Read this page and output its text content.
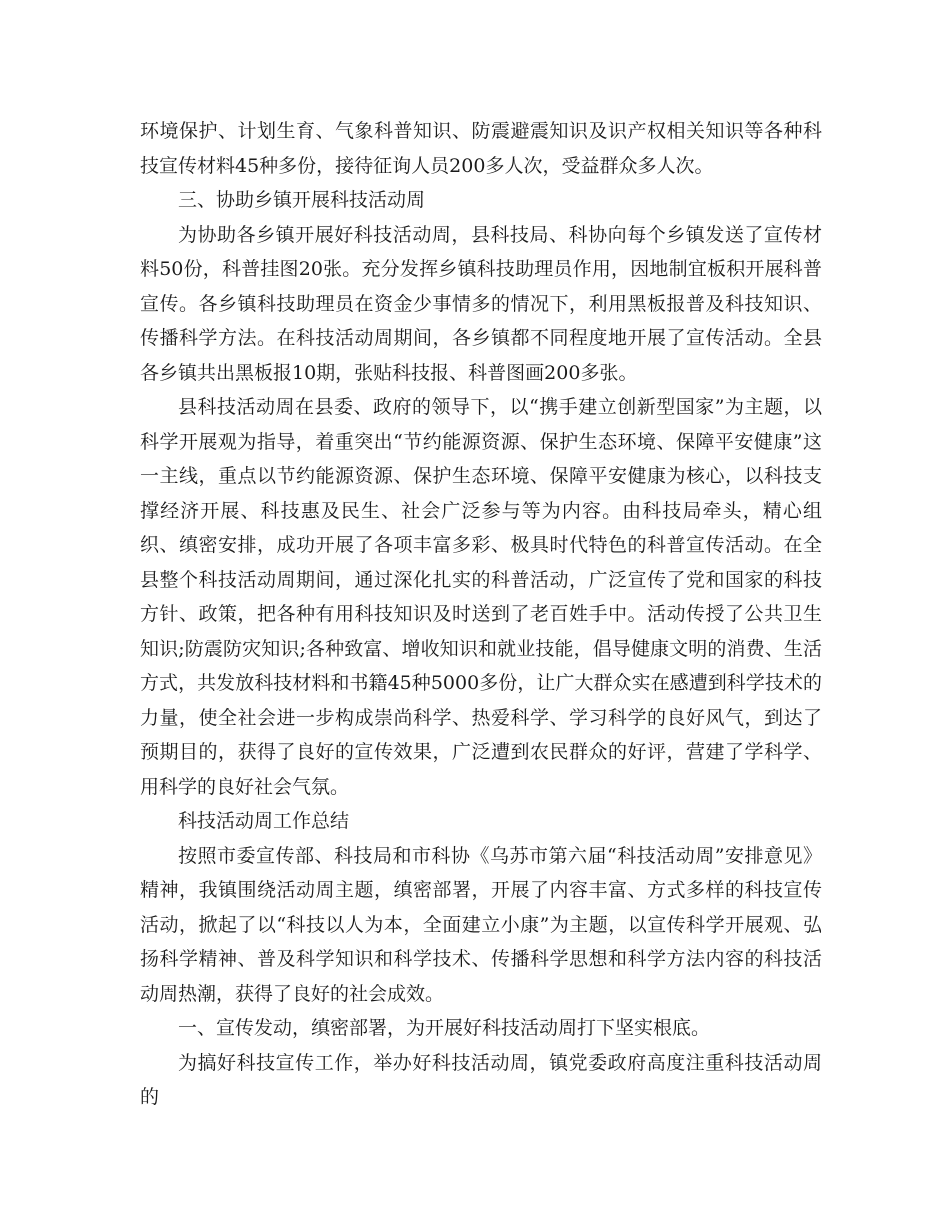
环境保护、计划生育、气象科普知识、防震避震知识及识产权相关知识等各种科技宣传材料45种多份，接待征询人员200多人次，受益群众多人次。

三、协助乡镇开展科技活动周

为协助各乡镇开展好科技活动周，县科技局、科协向每个乡镇发送了宣传材料50份，科普挂图20张。充分发挥乡镇科技助理员作用，因地制宜板积开展科普宣传。各乡镇科技助理员在资金少事情多的情况下，利用黑板报普及科技知识、传播科学方法。在科技活动周期间，各乡镇都不同程度地开展了宣传活动。全县各乡镇共出黑板报10期，张贴科技报、科普图画200多张。

县科技活动周在县委、政府的领导下，以“携手建立创新型国家”为主题，以科学开展观为指导，着重突出“节约能源资源、保护生态环境、保障平安健康”这一主线，重点以节约能源资源、保护生态环境、保障平安健康为核心，以科技支撑经济开展、科技惠及民生、社会广泛参与等为内容。由科技局牵头，精心组织、缜密安排，成功开展了各项丰富多彩、极具时代特色的科普宣传活动。在全县整个科技活动周期间，通过深化扎实的科普活动，广泛宣传了党和国家的科技方针、政策，把各种有用科技知识及时送到了老百姓手中。活动传授了公共卫生知识;防震防灾知识;各种致富、增收知识和就业技能，倡导健康文明的消费、生活方式，共发放科技材料和书籍45种5000多份，让广大群众实在感遭到科学技术的力量，使全社会进一步构成崇尚科学、热爱科学、学习科学的良好风气，到达了预期目的，获得了良好的宣传效果，广泛遭到农民群众的好评，营建了学科学、用科学的良好社会气氛。

科技活动周工作总结

按照市委宣传部、科技局和市科协《乌苏市第六届“科技活动周”安排意见》精神，我镇围绕活动周主题，缜密部署，开展了内容丰富、方式多样的科技宣传活动，掀起了以“科技以人为本，全面建立小康”为主题，以宣传科学开展观、弘扬科学精神、普及科学知识和科学技术、传播科学思想和科学方法内容的科技活动周热潮，获得了良好的社会成效。

一、宣传发动，缜密部署，为开展好科技活动周打下坚实根底。

为搞好科技宣传工作，举办好科技活动周，镇党委政府高度注重科技活动周的
